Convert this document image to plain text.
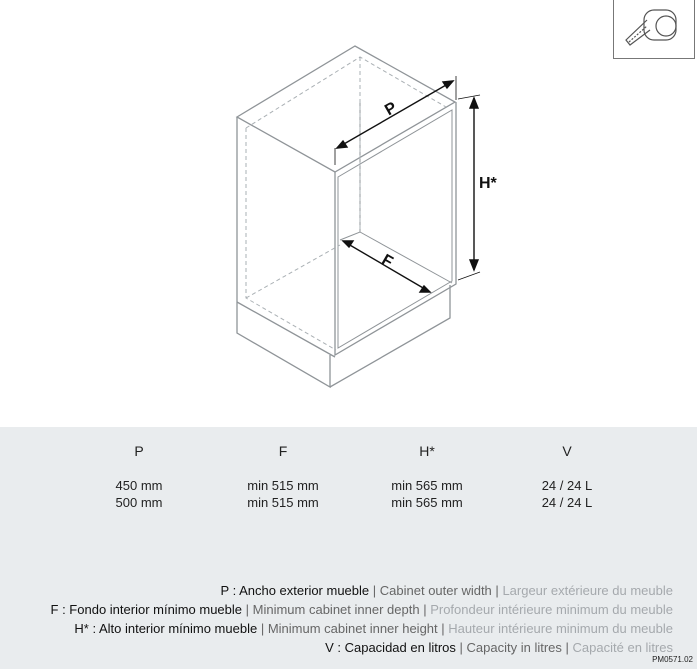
P
H*
F
P	F	H*	V
450 mm	min 515 mm	min 565 mm	24 / 24 L
500 mm	min 515 mm	min 565 mm	24 / 24 L
P : Ancho exterior mueble | Cabinet outer width | Largeur extérieure du meuble
F : Fondo interior mínimo mueble | Minimum cabinet inner depth | Profondeur intérieure minimum du meuble
H* : Alto interior mínimo mueble | Minimum cabinet inner height | Hauteur intérieure minimum du meuble
V : Capacidad en litros | Capacity in litres | Capacité en litres
PM0571.02
